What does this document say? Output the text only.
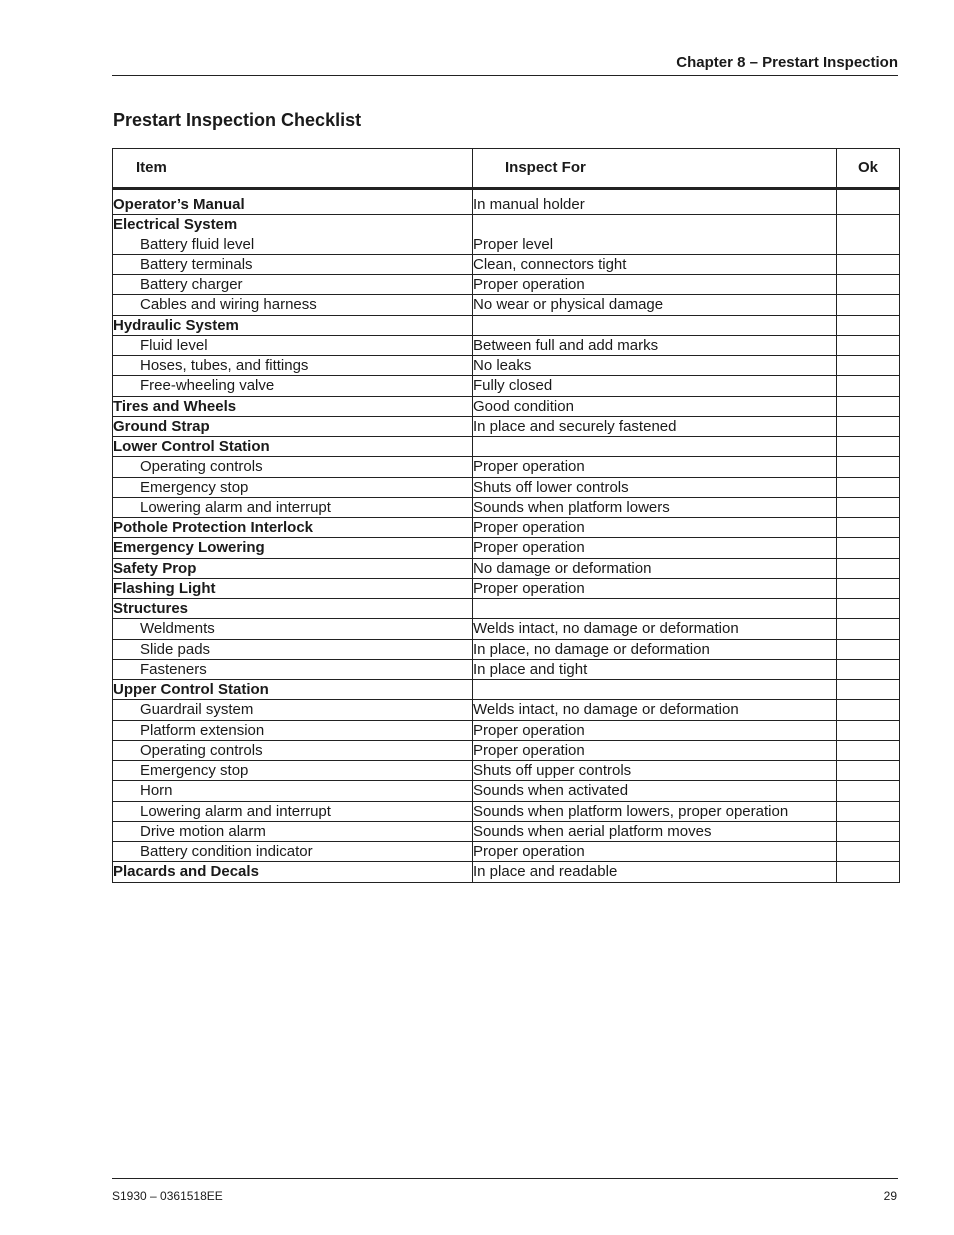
Chapter 8 – Prestart Inspection
Prestart Inspection Checklist
Item	Inspect For	Ok

Operator’s Manual	In manual holder	
Electrical System		
Battery fluid level	Proper level	
Battery terminals	Clean, connectors tight	
Battery charger	Proper operation	
Cables and wiring harness	No wear or physical damage	
Hydraulic System		
Fluid level	Between full and add marks	
Hoses, tubes, and fittings	No leaks	
Free-wheeling valve	Fully closed	
Tires and Wheels	Good condition	
Ground Strap	In place and securely fastened	
Lower Control Station		
Operating controls	Proper operation	
Emergency stop	Shuts off lower controls	
Lowering alarm and interrupt	Sounds when platform lowers	
Pothole Protection Interlock	Proper operation	
Emergency Lowering	Proper operation	
Safety Prop	No damage or deformation	
Flashing Light	Proper operation	
Structures		
Weldments	Welds intact, no damage or deformation	
Slide pads	In place, no damage or deformation	
Fasteners	In place and tight	
Upper Control Station		
Guardrail system	Welds intact, no damage or deformation	
Platform extension	Proper operation	
Operating controls	Proper operation	
Emergency stop	Shuts off upper controls	
Horn	Sounds when activated	
Lowering alarm and interrupt	Sounds when platform lowers, proper operation	
Drive motion alarm	Sounds when aerial platform moves	
Battery condition indicator	Proper operation	
Placards and Decals	In place and readable	
S1930 – 0361518EE	29
